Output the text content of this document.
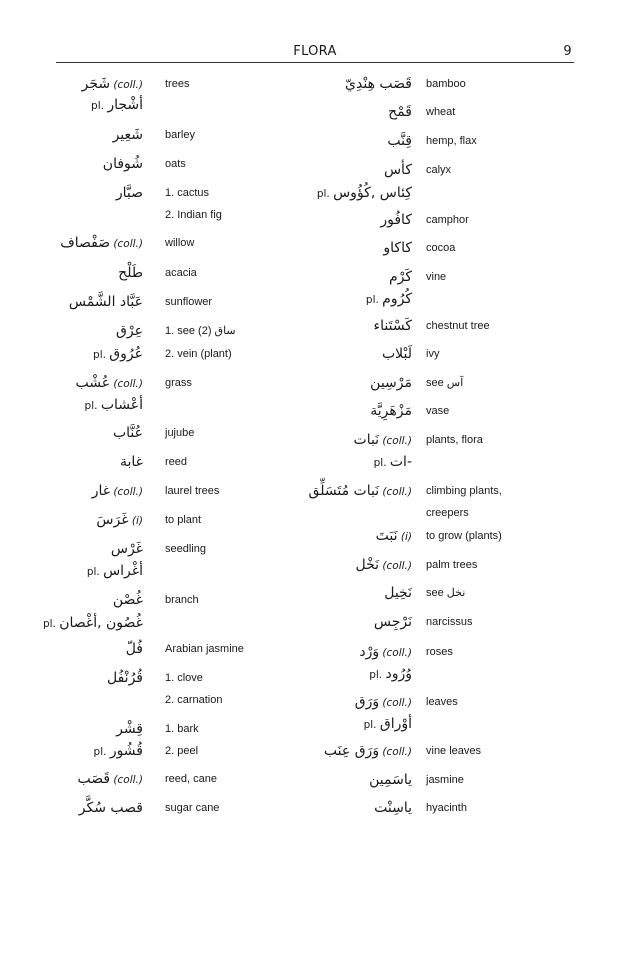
FLORA	9
شَجَر (coll.) trees
pl. أشْجار
شَعِير barley
شُوفان oats
صبَّار 1. cactus
2. Indian fig
صَفْصاف (coll.) willow
طَلْح acacia
عَبَّاد الشَّمْس sunflower
عِرْق 1. see ساق (2)
pl. عُرُوق 2. vein (plant)
عُشْب (coll.) grass
pl. أعْشاب
عُنَّاب jujube
غابة reed
غار (coll.) laurel trees
غَرَسَ (i) to plant
غَرْس seedling
pl. أغْراس
غُصْن branch
pl. غُصُون ,أغْصان
فُلّ Arabian jasmine
قُرُنْفُل 1. clove
2. carnation
قِشْر 1. bark
pl. قُشُور 2. peel
قَصَب (coll.) reed, cane
قصب سُكَّر sugar cane
قَصَب هِنْدِيّ bamboo
قَمْح wheat
قِنَّب hemp, flax
كأس calyx
pl. كِئاس ,كُؤُوس
كافُور camphor
كاكاو cocoa
كَرْم vine
pl. كُرُوم
كَسْتَناء chestnut tree
لَبْلاب ivy
مَرْسِين see آس
مَزْهَرِيَّة vase
نَبات (coll.) plants, flora
pl. -ات
نَبات مُتَسَلِّق (coll.) climbing plants,
creepers
نَبَتَ (i) to grow (plants)
نَخْل (coll.) palm trees
نَخِيل see نخل
نَرْجِس narcissus
وَرْد (coll.) roses
pl. وُرُود
وَرَق (coll.) leaves
pl. أوْراق
وَرَق عِنَب (coll.) vine leaves
ياسَمِين jasmine
ياسِنْت hyacinth
